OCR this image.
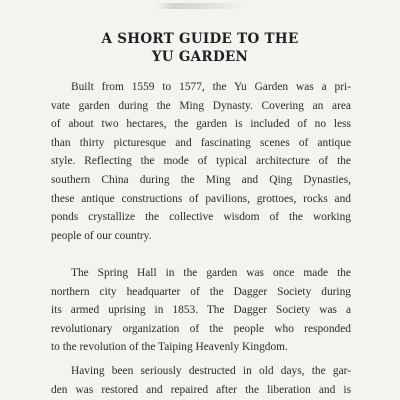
A SHORT GUIDE TO THE
YU GARDEN
Built from 1559 to 1577, the Yu Garden was a pri-
vate garden during the Ming Dynasty. Covering an area
of about two hectares, the garden is included of no less
than thirty picturesque and fascinating scenes of antique
style. Reflecting the mode of typical architecture of the
southern China during the Ming and Qing Dynasties,
these antique constructions of pavilions, grottoes, rocks and
ponds crystallize the collective wisdom of the working
people of our country.
The Spring Hall in the garden was once made the
northern city headquarter of the Dagger Society during
its armed uprising in 1853. The Dagger Society was a
revolutionary organization of the people who responded
to the revolution of the Taiping Heavenly Kingdom.
Having been seriously destructed in old days, the gar-
den was restored and repaired after the liberation and is
